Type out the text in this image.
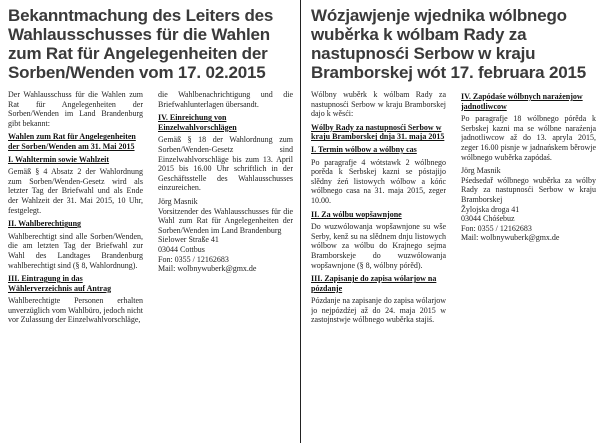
Bekanntmachung des Leiters des Wahlausschusses für die Wahlen zum Rat für Angelegenheiten der Sorben/Wenden vom 17. 02.2015

Der Wahlausschuss für die Wahlen zum Rat für Angelegenheiten der Sorben/Wenden im Land Brandenburg gibt bekannt:

Wahlen zum Rat für Angelegenheiten der Sorben/Wenden am 31. Mai 2015
I. Wahltermin sowie Wahlzeit

Gemäß § 4 Absatz 2 der Wahlordnung zum Sorben/Wenden-Gesetz wird als letzter Tag der Briefwahl und als Ende der Wahlzeit der 31. Mai 2015, 10 Uhr, festgelegt.

II. Wahlberechtigung

Wahlberechtigt sind alle Sorben/Wenden, die am letzten Tag der Briefwahl zur Wahl des Landtages Brandenburg wahlberechtigt sind (§ 8, Wahlordnung).

III. Eintragung in das Wählerverzeichnis auf Antrag

Wahlberechtigte Personen erhalten unverzüglich vom Wahlbüro, jedoch nicht vor Zulassung der Einzelwahlvorschläge,

die Wahlbenachrichtigung und die Briefwahlunterlagen übersandt.

IV. Einreichung von Einzelwahlvorschlägen

Gemäß § 18 der Wahlordnung zum Sorben/Wenden-Gesetz sind Einzelwahlvorschläge bis zum 13. April 2015 bis 16.00 Uhr schriftlich in der Geschäftsstelle des Wahlausschusses einzureichen.

Jörg Masnik

Vorsitzender des Wahlausschusses für die Wahl zum Rat für Angelegenheiten der Sorben/Wenden im Land Brandenburg

Sielower Straße 41

03044 Cottbus

Fon: 0355 / 12162683

Mail: wolbnywuberk@gmx.de

Wózjawjenje wjednika wólbnego wuběrka k wólbam Rady za nastupnosći Serbow w kraju Bramborskej wót 17. februara 2015

Wólbny wuběrk k wólbam Rady za nastupnosći Serbow w kraju Bramborskej dajo k wěsći:

Wólby Rady za nastupnosći Serbow w kraju Bramborskej dnja 31. maja 2015
I. Termin wólbow a wólbny cas

Po paragrafje 4 wótstawk 2 wólbnego porěda k Serbskej kazni se póstajijo slědny źeń listowych wólbow a kóńc wólbnego casa na 31. maja 2015, zeger 10.00.

II. Za wólbu wopšawnjone

Do wuzwólowanja wopšawnjone su wše Serby, kenž su na slědnem dnju listowych wólbow za wólbu do Krajnego sejma Bramborskeje do wuzwólowanja wopšawnjone (§ 8, wólbny pórěd).

III. Zapisanje do zapisa wólarjow na pózdanje

Pózdanje na zapisanje do zapisa wólarjow jo nejpózdźej až do 24. maja 2015 w zastojnstwje wólbnego wuběrka stajiś.

IV. Zapódaśe wólbnych naraźenjow jadnotliwcow

Po paragrafje 18 wólbnego pórěda k Serbskej kazni ma se wólbne naraźenja jadnotliwcow až do 13. apryla 2015, zeger 16.00 pisnje w jadnańskem běrowje wólbnego wuběrka zapódaś.

Jörg Masnik

Pśedsedař wólbnego wuběrka za wólby Rady za nastupnosći Serbow w kraju Bramborskej

Žylojska droga 41

03044 Chóśebuz

Fon: 0355 / 12162683

Mail: wolbnywuberk@gmx.de
